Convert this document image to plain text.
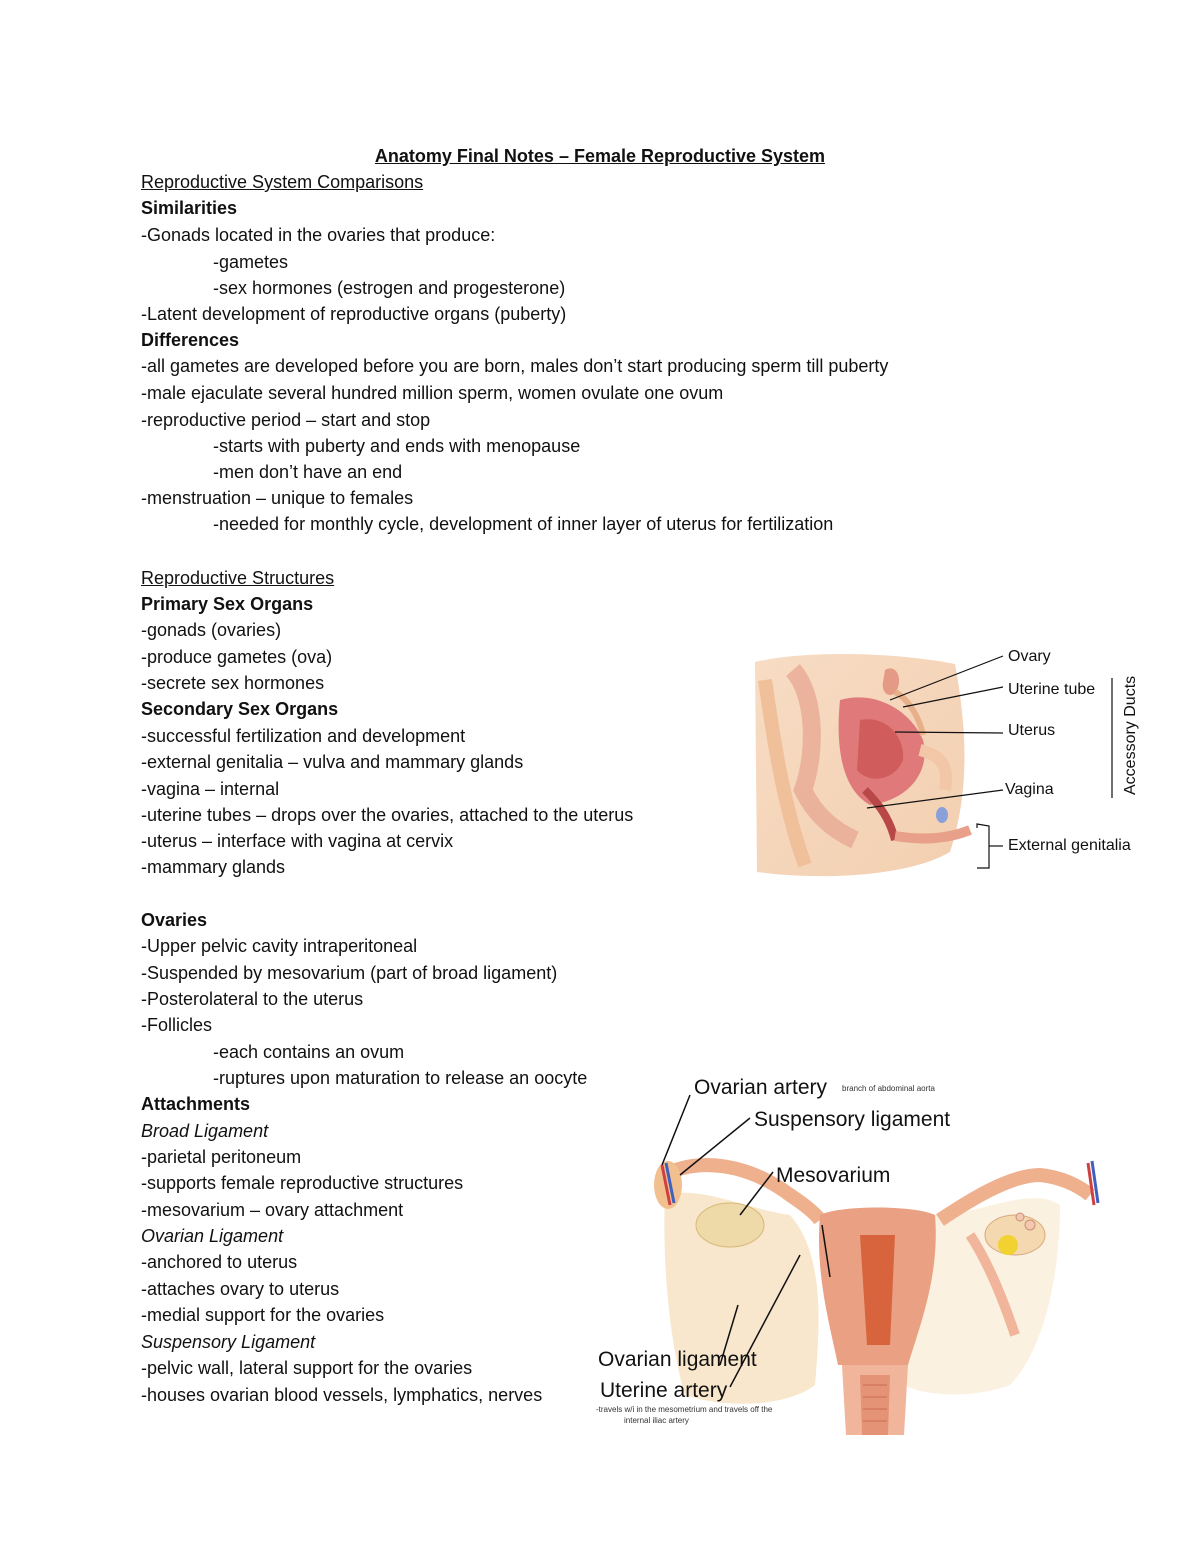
Anatomy Final Notes – Female Reproductive System
Reproductive System Comparisons
Similarities
-Gonads located in the ovaries that produce:
-gametes
-sex hormones (estrogen and progesterone)
-Latent development of reproductive organs (puberty)
Differences
-all gametes are developed before you are born, males don’t start producing sperm till puberty
-male ejaculate several hundred million sperm, women ovulate one ovum
-reproductive period – start and stop
-starts with puberty and ends with menopause
-men don’t have an end
-menstruation – unique to females
-needed for monthly cycle, development of inner layer of uterus for fertilization
Reproductive Structures
Primary Sex Organs
-gonads (ovaries)
-produce gametes (ova)
-secrete sex hormones
Secondary Sex Organs
-successful fertilization and development
-external genitalia – vulva and mammary glands
-vagina – internal
-uterine tubes – drops over the ovaries, attached to the uterus
-uterus – interface with vagina at cervix
-mammary glands
Ovaries
-Upper pelvic cavity intraperitoneal
-Suspended by mesovarium (part of broad ligament)
-Posterolateral to the uterus
-Follicles
-each contains an ovum
-ruptures upon maturation to release an oocyte
Attachments
Broad Ligament
-parietal peritoneum
-supports female reproductive structures
-mesovarium – ovary attachment
Ovarian Ligament
-anchored to uterus
-attaches ovary to uterus
-medial support for the ovaries
Suspensory Ligament
-pelvic wall, lateral support for the ovaries
-houses ovarian blood vessels, lymphatics, nerves
Ovary
Uterine tube
Uterus
Vagina
External genitalia
Accessory Ducts
Ovarian artery branch of abdominal aorta
Suspensory ligament
Mesovarium
Ovarian ligament
Uterine artery
-travels w/i in the mesometrium and travels off the
internal iliac artery
